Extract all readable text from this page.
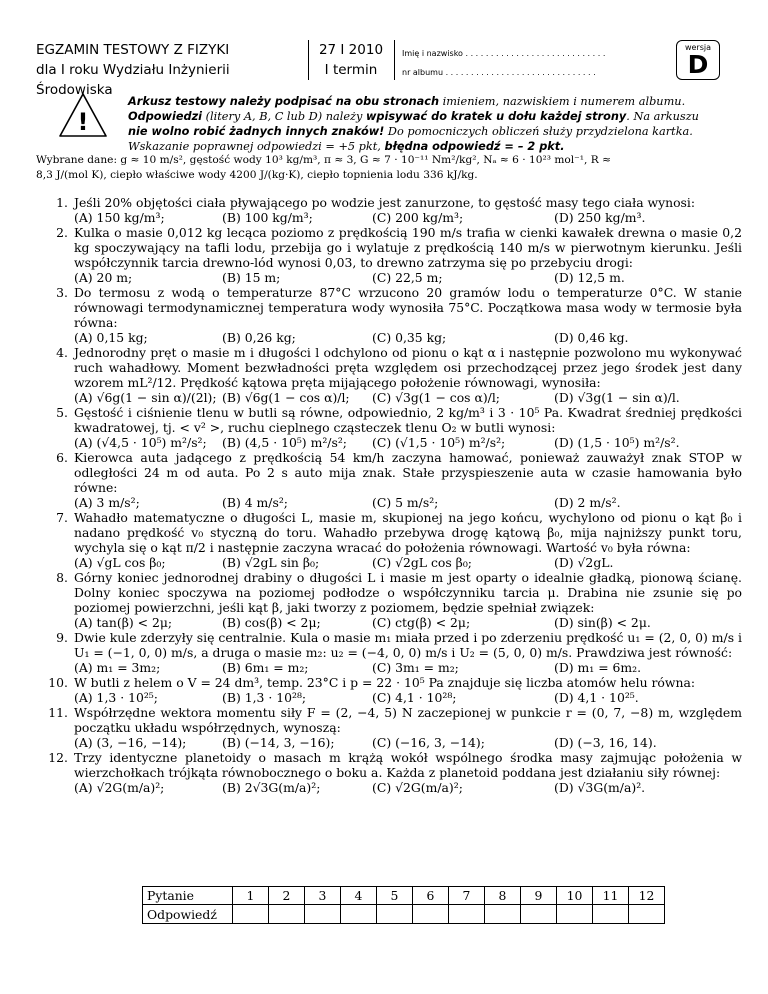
EGZAMIN TESTOWY Z FIZYKI
dla I roku Wydziału Inżynierii Środowiska
27 I 2010
I termin
Imię i nazwisko . . . . . . . . . . . . . . . . . . . . . . . . . . . .
nr albumu . . . . . . . . . . . . . . . . . . . . . . . . . . . . . .
wersja
D
!
Arkusz testowy należy podpisać na obu stronach imieniem, nazwiskiem i numerem albumu.
Odpowiedzi (litery A, B, C lub D) należy wpisywać do kratek u dołu każdej strony. Na arkuszu
nie wolno robić żadnych innych znaków! Do pomocniczych obliczeń służy przydzielona kartka.
Wskazanie poprawnej odpowiedzi = +5 pkt, błędna odpowiedź = – 2 pkt.
Wybrane dane: g ≈ 10 m/s², gęstość wody 10³ kg/m³, π ≈ 3, G ≈ 7 · 10⁻¹¹ Nm²/kg², Nₐ ≈ 6 · 10²³ mol⁻¹, R ≈
8,3 J/(mol K), ciepło właściwe wody 4200 J/(kg·K), ciepło topnienia lodu 336 kJ/kg.
1. Jeśli 20% objętości ciała pływającego po wodzie jest zanurzone, to gęstość masy tego ciała wynosi:
(A) 150 kg/m³;	(B) 100 kg/m³;	(C) 200 kg/m³;	(D) 250 kg/m³.
2. Kulka o masie 0,012 kg lecąca poziomo z prędkością 190 m/s trafia w cienki kawałek drewna o masie 0,2 kg spoczywający na tafli lodu, przebija go i wylatuje z prędkością 140 m/s w pierwotnym kierunku. Jeśli współczynnik tarcia drewno-lód wynosi 0,03, to drewno zatrzyma się po przebyciu drogi:
(A) 20 m;	(B) 15 m;	(C) 22,5 m;	(D) 12,5 m.
3. Do termosu z wodą o temperaturze 87°C wrzucono 20 gramów lodu o temperaturze 0°C. W stanie równowagi termodynamicznej temperatura wody wynosiła 75°C. Początkowa masa wody w termosie była równa:
(A) 0,15 kg;	(B) 0,26 kg;	(C) 0,35 kg;	(D) 0,46 kg.
4. Jednorodny pręt o masie m i długości l odchylono od pionu o kąt α i następnie pozwolono mu wykonywać ruch wahadłowy. Moment bezwładności pręta względem osi przechodzącej przez jego środek jest dany wzorem mL²/12. Prędkość kątowa pręta mijającego położenie równowagi, wynosiła:
(A) √6g(1 − sin α)/(2l); (B) √6g(1 − cos α)/l;	(C) √3g(1 − cos α)/l;	(D) √3g(1 − sin α)/l.
5. Gęstość i ciśnienie tlenu w butli są równe, odpowiednio, 2 kg/m³ i 3 · 10⁵ Pa. Kwadrat średniej prędkości kwadratowej, tj. < v² >, ruchu cieplnego cząsteczek tlenu O₂ w butli wynosi:
(A) (√4,5 · 10⁵) m²/s²;	(B) (4,5 · 10⁵) m²/s²;	(C) (√1,5 · 10⁵) m²/s²;	(D) (1,5 · 10⁵) m²/s².
6. Kierowca auta jadącego z prędkością 54 km/h zaczyna hamować, ponieważ zauważył znak STOP w odległości 24 m od auta. Po 2 s auto mija znak. Stałe przyspieszenie auta w czasie hamowania było równe:
(A) 3 m/s²;	(B) 4 m/s²;	(C) 5 m/s²;	(D) 2 m/s².
7. Wahadło matematyczne o długości L, masie m, skupionej na jego końcu, wychylono od pionu o kąt β₀ i nadano prędkość v₀ styczną do toru. Wahadło przebywa drogę kątową β₀, mija najniższy punkt toru, wychyla się o kąt π/2 i następnie zaczyna wracać do położenia równowagi. Wartość v₀ była równa:
(A) √gL cos β₀;	(B) √2gL sin β₀;	(C) √2gL cos β₀;	(D) √2gL.
8. Górny koniec jednorodnej drabiny o długości L i masie m jest oparty o idealnie gładką, pionową ścianę. Dolny koniec spoczywa na poziomej podłodze o współczynniku tarcia μ. Drabina nie zsunie się po poziomej powierzchni, jeśli kąt β, jaki tworzy z poziomem, będzie spełniał związek:
(A) tan(β) < 2μ;	(B) cos(β) < 2μ;	(C) ctg(β) < 2μ;	(D) sin(β) < 2μ.
9. Dwie kule zderzyły się centralnie. Kula o masie m₁ miała przed i po zderzeniu prędkość u₁ = (2, 0, 0) m/s i U₁ = (−1, 0, 0) m/s, a druga o masie m₂: u₂ = (−4, 0, 0) m/s i U₂ = (5, 0, 0) m/s. Prawdziwa jest równość:
(A) m₁ = 3m₂;	(B) 6m₁ = m₂;	(C) 3m₁ = m₂;	(D) m₁ = 6m₂.
10. W butli z helem o V = 24 dm³, temp. 23°C i p = 22 · 10⁵ Pa znajduje się liczba atomów helu równa:
(A) 1,3 · 10²⁵;	(B) 1,3 · 10²⁸;	(C) 4,1 · 10²⁸;	(D) 4,1 · 10²⁵.
11. Współrzędne wektora momentu siły F = (2, −4, 5) N zaczepionej w punkcie r = (0, 7, −8) m, względem początku układu współrzędnych, wynoszą:
(A) (3, −16, −14);	(B) (−14, 3, −16);	(C) (−16, 3, −14);	(D) (−3, 16, 14).
12. Trzy identyczne planetoidy o masach m krążą wokół wspólnego środka masy zajmując położenia w wierzchołkach trójkąta równobocznego o boku a. Każda z planetoid poddana jest działaniu siły równej:
(A) √2G(m/a)²;	(B) 2√3G(m/a)²;	(C) √2G(m/a)²;	(D) √3G(m/a)².
Pytanie	1	2	3	4	5	6	7	8	9	10	11	12
Odpowiedź												
